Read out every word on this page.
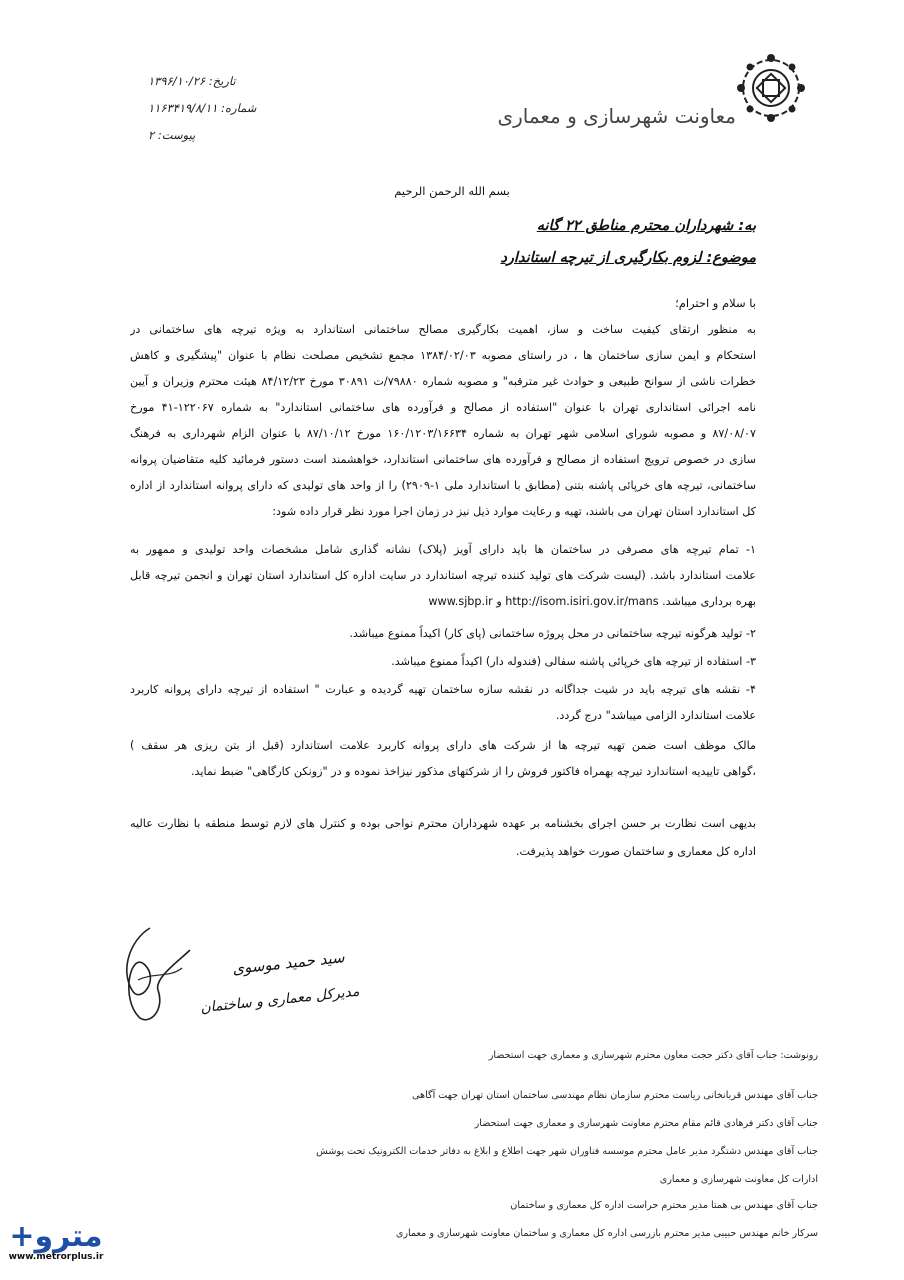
معاونت شهرسازی و معماری
تاریخ: ۱۳۹۶/۱۰/۲۶
شماره: ۱۱۶۳۴۱۹/۸/۱۱
پیوست: ۲
بسم الله الرحمن الرحیم
به: شهرداران محترم مناطق ۲۲ گانه
موضوع: لزوم بکارگیری از تیرچه استاندارد
با سلام و احترام؛
به منظور ارتقای کیفیت ساخت و ساز، اهمیت بکارگیری مصالح ساختمانی استاندارد به ویژه تیرچه های ساختمانی در
استحکام و ایمن سازی ساختمان ها ، در راستای مصوبه ۱۳۸۴/۰۲/۰۳ مجمع تشخیص مصلحت نظام با عنوان "پیشگیری و کاهش
خطرات ناشی از سوانح طبیعی و حوادث غیر مترقبه" و مصوبه شماره ۷۹۸۸۰/ت ۳۰۸۹۱ مورخ ۸۴/۱۲/۲۳ هیئت محترم وزیران و آیین
نامه اجرائی استانداری تهران با عنوان "استفاده از مصالح و فرآورده های ساختمانی استاندارد" به شماره ۱۲۲۰۶۷-۴۱ مورخ
۸۷/۰۸/۰۷ و مصوبه شورای اسلامی شهر تهران به شماره ۱۶۰/۱۲۰۳/۱۶۶۳۴ مورخ ۸۷/۱۰/۱۲ با عنوان الزام شهرداری به فرهنگ
سازی در خصوص ترویج استفاده از مصالح و فرآورده های ساختمانی استاندارد، خواهشمند است دستور فرمائید کلیه متقاضیان پروانه
ساختمانی، تیرچه های خرپائی پاشنه بتنی (مطابق با استاندارد ملی ۱-۲۹۰۹) را از واحد های تولیدی که دارای پروانه استاندارد از اداره
کل استاندارد استان تهران می باشند، تهیه و رعایت موارد ذیل نیز در زمان اجرا مورد نظر قرار داده شود:
۱- تمام تیرچه های مصرفی در ساختمان ها باید دارای آویز (پلاک) نشانه گذاری شامل مشخصات واحد تولیدی و ممهور به
علامت استاندارد باشد. (لیست شرکت های تولید کننده تیرچه استاندارد در سایت اداره کل استاندارد استان تهران و انجمن تیرچه قابل
بهره برداری میباشد. http://isom.isiri.gov.ir/mans و www.sjbp.ir
۲- تولید هرگونه تیرچه ساختمانی در محل پروژه ساختمانی (پای کار) اکیداً ممنوع میباشد.
۳- استفاده از تیرچه های خرپائی پاشنه سفالی (فندوله دار) اکیداً ممنوع میباشد.
۴- نقشه های تیرچه باید در شیت جداگانه در نقشه سازه ساختمان تهیه گردیده و عبارت " استفاده از تیرچه دارای پروانه کاربرد
علامت استاندارد الزامی میباشد" درج گردد.
مالک موظف است ضمن تهیه تیرچه ها از شرکت های دارای پروانه کاربرد علامت استاندارد (قبل از بتن ریزی هر سقف )
،گواهی تاییدیه استاندارد تیرچه بهمراه فاکتور فروش را از شرکتهای مذکور نیزاخذ نموده و در "زونکن کارگاهی" ضبط نماید.
بدیهی است نظارت بر حسن اجرای بخشنامه بر عهده شهرداران محترم نواحی بوده و کنترل های لازم توسط منطقه با نظارت عالیه
اداره کل معماری و ساختمان صورت خواهد پذیرفت.
سید حمید موسوی
مدیرکل معماری و ساختمان
رونوشت: جناب آقای دکتر حجت معاون محترم شهرسازی و معماری جهت استحضار
جناب آقای مهندس قربانخانی ریاست محترم سازمان نظام مهندسی ساختمان استان تهران جهت آگاهی
جناب آقای دکتر فرهادی قائم مقام محترم معاونت شهرسازی و معماری جهت استحضار
جناب آقای مهندس دشتگرد مدیر عامل محترم موسسه فناوران شهر جهت اطلاع و ابلاغ به دفاتر خدمات الکترونیک تحت پوشش
ادارات کل معاونت شهرسازی و معماری
جناب آقای مهندس بی همتا مدیر محترم حراست اداره کل معماری و ساختمان
سرکار خانم مهندس حبیبی مدیر محترم بازرسی اداره کل معماری و ساختمان معاونت شهرسازی و معماری
مترو+
www.metrorplus.ir
